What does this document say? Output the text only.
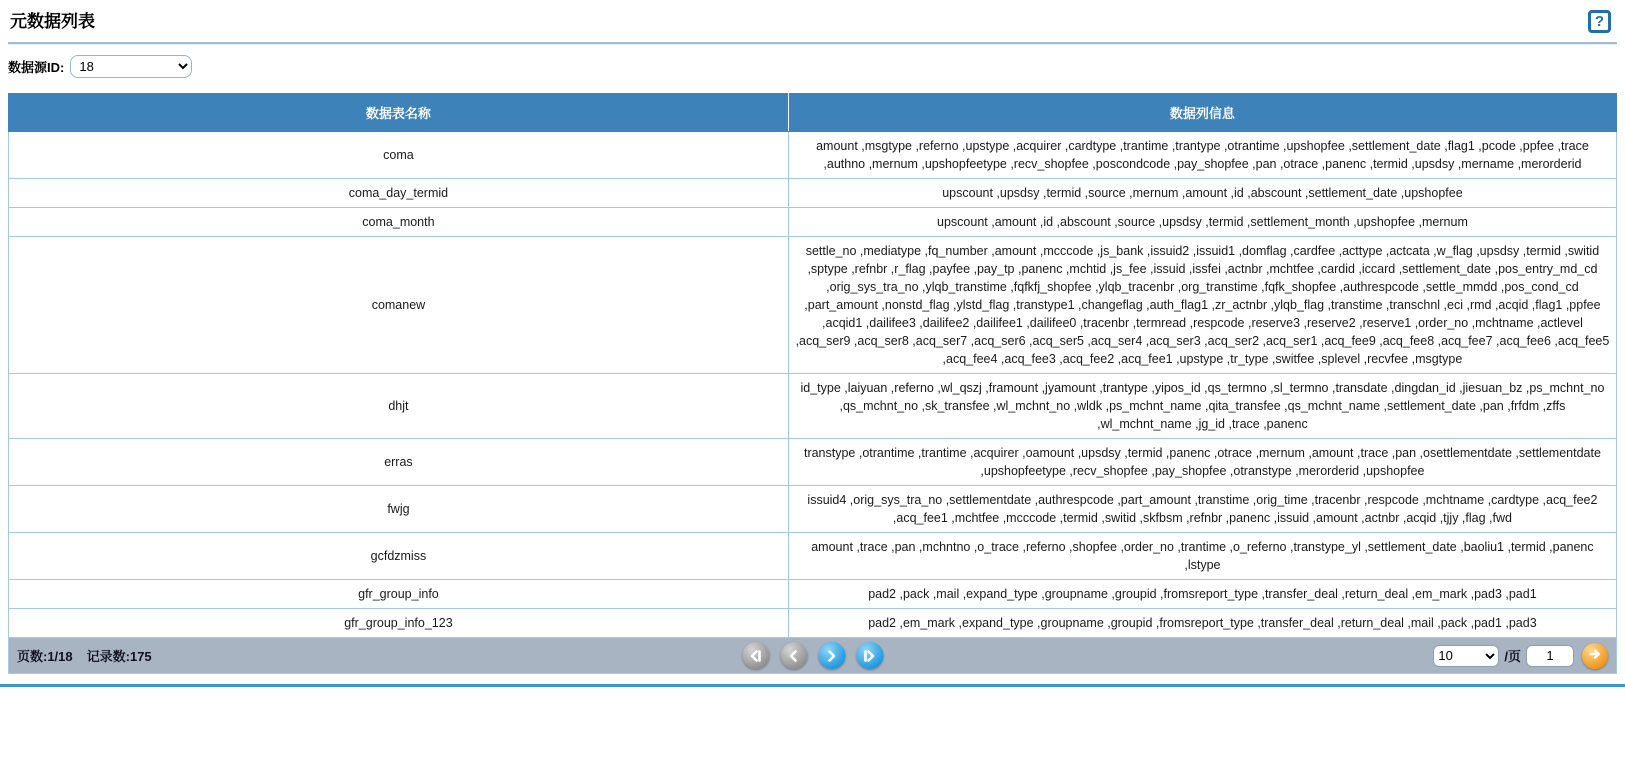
元数据列表	?
数据源ID:
18
数据表名称	数据列信息
coma	amount ,msgtype ,referno ,upstype ,acquirer ,cardtype ,trantime ,trantype ,otrantime ,upshopfee ,settlement_date ,flag1 ,pcode ,ppfee ,trace ,authno ,mernum ,upshopfeetype ,recv_shopfee ,poscondcode ,pay_shopfee ,pan ,otrace ,panenc ,termid ,upsdsy ,mername ,merorderid
coma_day_termid	upscount ,upsdsy ,termid ,source ,mernum ,amount ,id ,abscount ,settlement_date ,upshopfee
coma_month	upscount ,amount ,id ,abscount ,source ,upsdsy ,termid ,settlement_month ,upshopfee ,mernum
comanew	settle_no ,mediatype ,fq_number ,amount ,mcccode ,js_bank ,issuid2 ,issuid1 ,domflag ,cardfee ,acttype ,actcata ,w_flag ,upsdsy ,termid ,switid ,sptype ,refnbr ,r_flag ,payfee ,pay_tp ,panenc ,mchtid ,js_fee ,issuid ,issfei ,actnbr ,mchtfee ,cardid ,iccard ,settlement_date ,pos_entry_md_cd ,orig_sys_tra_no ,ylqb_transtime ,fqfkfj_shopfee ,ylqb_tracenbr ,org_transtime ,fqfk_shopfee ,authrespcode ,settle_mmdd ,pos_cond_cd ,part_amount ,nonstd_flag ,ylstd_flag ,transtype1 ,changeflag ,auth_flag1 ,zr_actnbr ,ylqb_flag ,transtime ,transchnl ,eci ,rmd ,acqid ,flag1 ,ppfee ,acqid1 ,dailifee3 ,dailifee2 ,dailifee1 ,dailifee0 ,tracenbr ,termread ,respcode ,reserve3 ,reserve2 ,reserve1 ,order_no ,mchtname ,actlevel ,acq_ser9 ,acq_ser8 ,acq_ser7 ,acq_ser6 ,acq_ser5 ,acq_ser4 ,acq_ser3 ,acq_ser2 ,acq_ser1 ,acq_fee9 ,acq_fee8 ,acq_fee7 ,acq_fee6 ,acq_fee5 ,acq_fee4 ,acq_fee3 ,acq_fee2 ,acq_fee1 ,upstype ,tr_type ,switfee ,splevel ,recvfee ,msgtype
dhjt	id_type ,laiyuan ,referno ,wl_qszj ,framount ,jyamount ,trantype ,yipos_id ,qs_termno ,sl_termno ,transdate ,dingdan_id ,jiesuan_bz ,ps_mchnt_no ,qs_mchnt_no ,sk_transfee ,wl_mchnt_no ,wldk ,ps_mchnt_name ,qita_transfee ,qs_mchnt_name ,settlement_date ,pan ,frfdm ,zffs ,wl_mchnt_name ,jg_id ,trace ,panenc
erras	transtype ,otrantime ,trantime ,acquirer ,oamount ,upsdsy ,termid ,panenc ,otrace ,mernum ,amount ,trace ,pan ,osettlementdate ,settlementdate ,upshopfeetype ,recv_shopfee ,pay_shopfee ,otranstype ,merorderid ,upshopfee
fwjg	issuid4 ,orig_sys_tra_no ,settlementdate ,authrespcode ,part_amount ,transtime ,orig_time ,tracenbr ,respcode ,mchtname ,cardtype ,acq_fee2 ,acq_fee1 ,mchtfee ,mcccode ,termid ,switid ,skfbsm ,refnbr ,panenc ,issuid ,amount ,actnbr ,acqid ,tjjy ,flag ,fwd
gcfdzmiss	amount ,trace ,pan ,mchntno ,o_trace ,referno ,shopfee ,order_no ,trantime ,o_referno ,transtype_yl ,settlement_date ,baoliu1 ,termid ,panenc ,lstype
gfr_group_info	pad2 ,pack ,mail ,expand_type ,groupname ,groupid ,fromsreport_type ,transfer_deal ,return_deal ,em_mark ,pad3 ,pad1
gfr_group_info_123	pad2 ,em_mark ,expand_type ,groupname ,groupid ,fromsreport_type ,transfer_deal ,return_deal ,mail ,pack ,pad1 ,pad3
页数:1/18 记录数:175
10	/页
1
